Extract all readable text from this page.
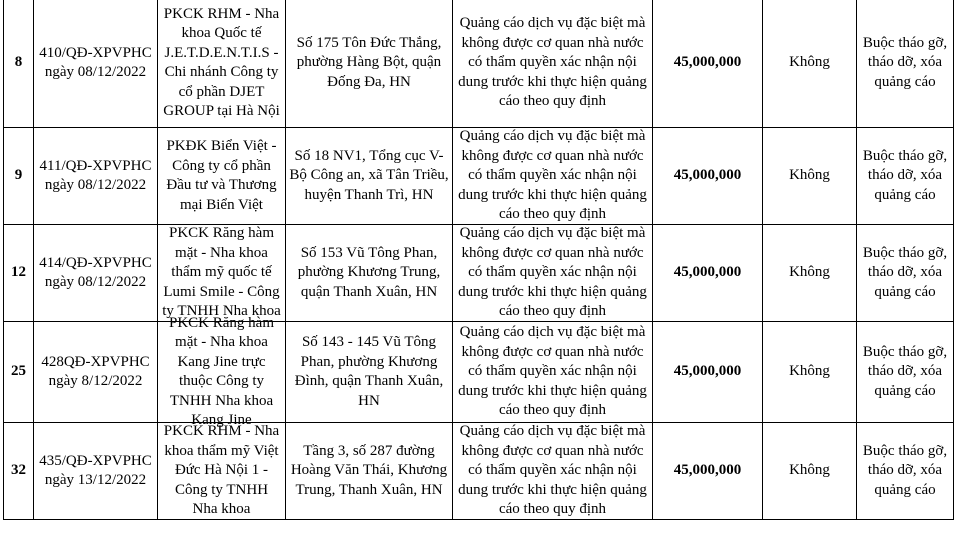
8	410/QĐ-XPVPHC ngày 08/12/2022	PKCK RHM - Nha khoa Quốc tế J.E.T.D.E.N.T.I.S - Chi nhánh Công ty cổ phần DJET GROUP tại Hà Nội	Số 175 Tôn Đức Thắng, phường Hàng Bột, quận Đống Đa, HN	Quảng cáo dịch vụ đặc biệt mà không được cơ quan nhà nước có thẩm quyền xác nhận nội dung trước khi thực hiện quảng cáo theo quy định	45,000,000	Không	Buộc tháo gỡ, tháo dỡ, xóa quảng cáo

9	411/QĐ-XPVPHC ngày 08/12/2022	PKĐK Biển Việt - Công ty cổ phần Đầu tư và Thương mại Biển Việt	Số 18 NV1, Tổng cục V- Bộ Công an, xã Tân Triều, huyện Thanh Trì, HN	Quảng cáo dịch vụ đặc biệt mà không được cơ quan nhà nước có thẩm quyền xác nhận nội dung trước khi thực hiện quảng cáo theo quy định	45,000,000	Không	Buộc tháo gỡ, tháo dỡ, xóa quảng cáo

12	414/QĐ-XPVPHC ngày 08/12/2022	PKCK Răng hàm mặt - Nha khoa thẩm mỹ quốc tế Lumi Smile - Công ty TNHH Nha khoa	Số 153 Vũ Tông Phan, phường Khương Trung, quận Thanh Xuân, HN	Quảng cáo dịch vụ đặc biệt mà không được cơ quan nhà nước có thẩm quyền xác nhận nội dung trước khi thực hiện quảng cáo theo quy định	45,000,000	Không	Buộc tháo gỡ, tháo dỡ, xóa quảng cáo

25	428QĐ-XPVPHC ngày 8/12/2022	PKCK Răng hàm mặt - Nha khoa Kang Jine trực thuộc Công ty TNHH Nha khoa Kang Jine	Số 143 - 145 Vũ Tông Phan, phường Khương Đình, quận Thanh Xuân, HN	Quảng cáo dịch vụ đặc biệt mà không được cơ quan nhà nước có thẩm quyền xác nhận nội dung trước khi thực hiện quảng cáo theo quy định	45,000,000	Không	Buộc tháo gỡ, tháo dỡ, xóa quảng cáo

32	435/QĐ-XPVPHC ngày 13/12/2022	PKCK RHM - Nha khoa thẩm mỹ Việt Đức Hà Nội 1 - Công ty TNHH Nha khoa	Tầng 3, số 287 đường Hoàng Văn Thái, Khương Trung, Thanh Xuân, HN	Quảng cáo dịch vụ đặc biệt mà không được cơ quan nhà nước có thẩm quyền xác nhận nội dung trước khi thực hiện quảng cáo theo quy định	45,000,000	Không	Buộc tháo gỡ, tháo dỡ, xóa quảng cáo
